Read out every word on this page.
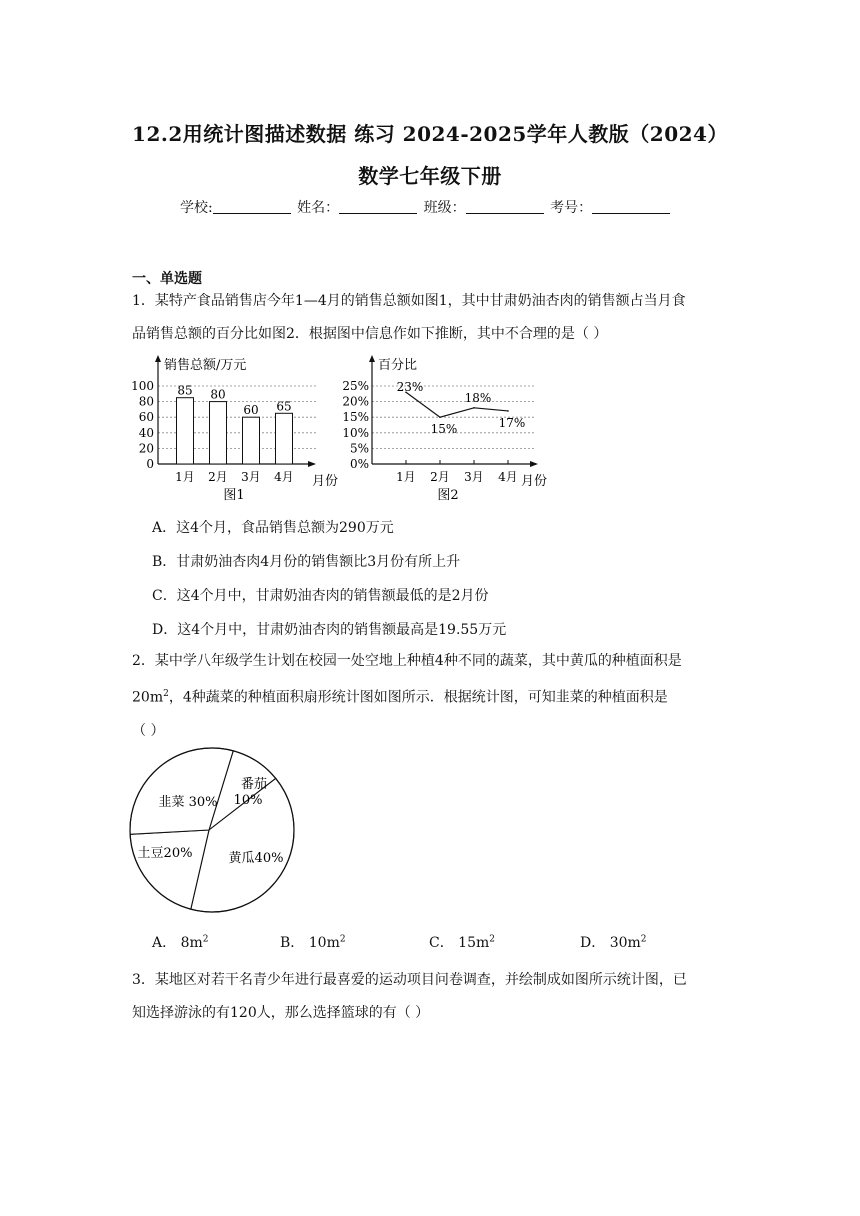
12.2用统计图描述数据 练习 2024-2025学年人教版（2024）
数学七年级下册
学校:	姓名：	班级：	考号：
一、单选题
1．某特产食品销售店今年1—4月的销售总额如图1，其中甘肃奶油杏肉的销售额占当月食
品销售总额的百分比如图2．根据图中信息作如下推断，其中不合理的是（ ）
0
20
40
60
80
100
销售总额/万元
月份
85
1月
80
2月
60
3月
65
4月
图1
0%
5%
10%
15%
20%
25%
百分比
月份
23%
1月
15%
2月
18%
3月
17%
4月
图2
A．这4个月，食品销售总额为290万元
B．甘肃奶油杏肉4月份的销售额比3月份有所上升
C．这4个月中，甘肃奶油杏肉的销售额最低的是2月份
D．这4个月中，甘肃奶油杏肉的销售额最高是19.55万元
2．某中学八年级学生计划在校园一处空地上种植4种不同的蔬菜，其中黄瓜的种植面积是
$20m^2$，4种蔬菜的种植面积扇形统计图如图所示．根据统计图，可知韭菜的种植面积是
（ ）
番茄
10%
黄瓜40%
土豆20%
韭菜 30%
A． $8m^2$	B． $10m^2$	C． $15m^2$	D． $30m^2$
3．某地区对若干名青少年进行最喜爱的运动项目问卷调查，并绘制成如图所示统计图，已
知选择游泳的有120人，那么选择篮球的有（ ）
